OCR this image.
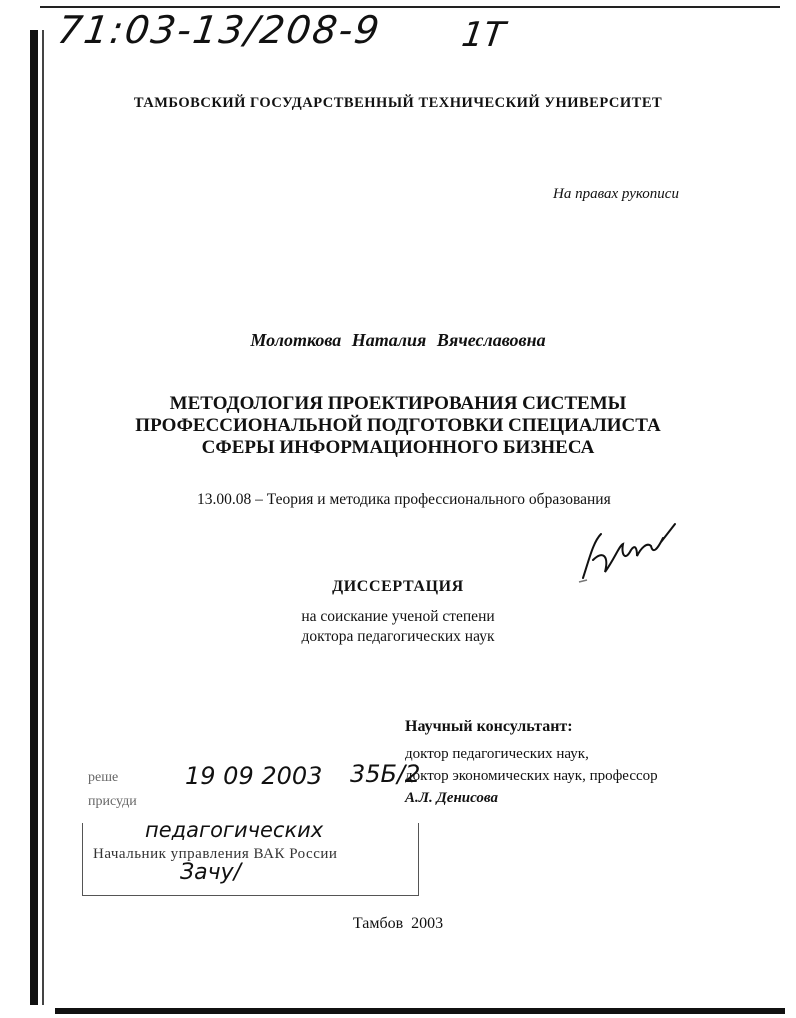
71:03-13/208-9 1T
ТАМБОВСКИЙ ГОСУДАРСТВЕННЫЙ ТЕХНИЧЕСКИЙ УНИВЕРСИТЕТ
На правах рукописи
Молоткова Наталия Вячеславовна
МЕТОДОЛОГИЯ ПРОЕКТИРОВАНИЯ СИСТЕМЫ
ПРОФЕССИОНАЛЬНОЙ ПОДГОТОВКИ СПЕЦИАЛИСТА
СФЕРЫ ИНФОРМАЦИОННОГО БИЗНЕСА
13.00.08 – Теория и методика профессионального образования
ДИССЕРТАЦИЯ
на соискание ученой степени
доктора педагогических наук
Научный консультант:
доктор педагогических наук,
доктор экономических наук, профессор
А.Л. Денисова
реше	19 09 2003 35Б/2
присуди
педагогических
Начальник управления ВАК России
Зачу/
Тамбов 2003
